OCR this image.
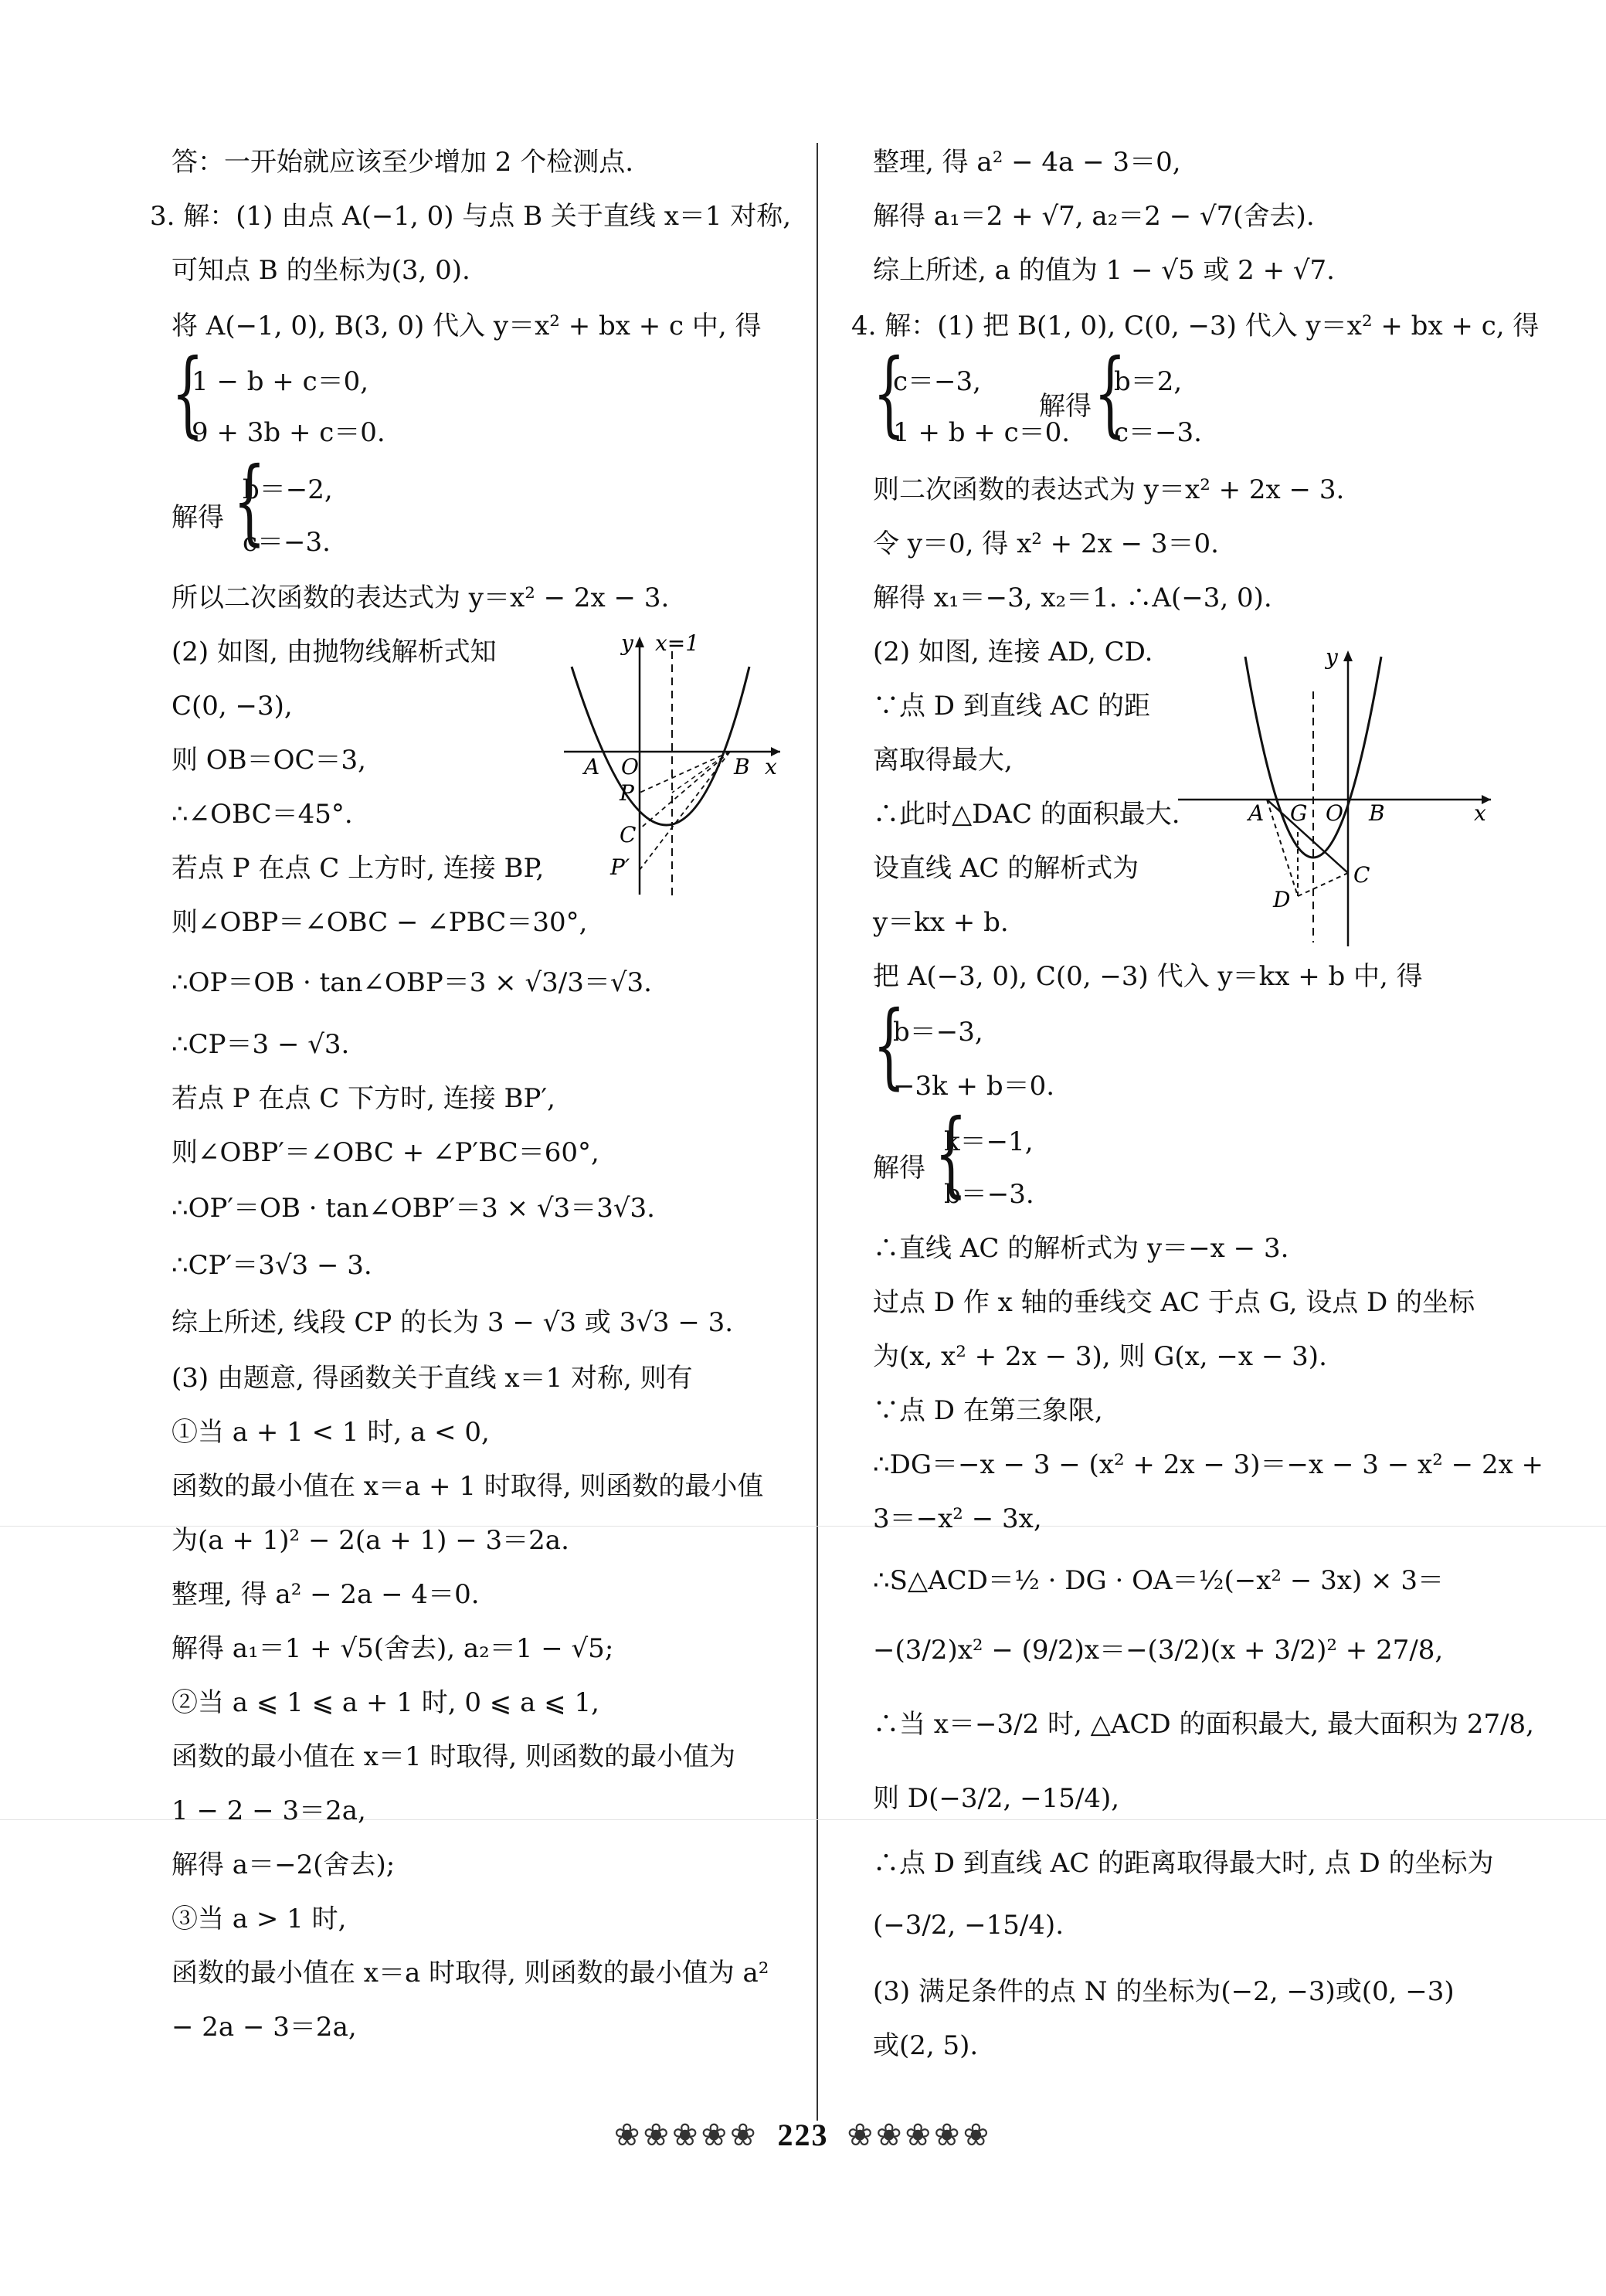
答：一开始就应该至少增加 2 个检测点.
3. 解：(1) 由点 A(−1, 0) 与点 B 关于直线 x＝1 对称,
可知点 B 的坐标为(3, 0).
将 A(−1, 0), B(3, 0) 代入 y＝x² + bx + c 中, 得
{
1 − b + c＝0,
9 + 3b + c＝0.
b＝−2,
解得 {
c＝−3.
所以二次函数的表达式为 y＝x² − 2x − 3.
(2) 如图, 由抛物线解析式知
C(0, −3),
则 OB＝OC＝3,
∴∠OBC＝45°.
若点 P 在点 C 上方时, 连接 BP,
则∠OBP＝∠OBC − ∠PBC＝30°,
∴OP＝OB · tan∠OBP＝3 × √3/3＝√3.
∴CP＝3 − √3.
若点 P 在点 C 下方时, 连接 BP′,
则∠OBP′＝∠OBC + ∠P′BC＝60°,
∴OP′＝OB · tan∠OBP′＝3 × √3＝3√3.
∴CP′＝3√3 − 3.
综上所述, 线段 CP 的长为 3 − √3 或 3√3 − 3.
(3) 由题意, 得函数关于直线 x＝1 对称, 则有
①当 a + 1 < 1 时, a < 0,
函数的最小值在 x＝a + 1 时取得, 则函数的最小值
为(a + 1)² − 2(a + 1) − 3＝2a.
整理, 得 a² − 2a − 4＝0.
解得 a₁＝1 + √5(舍去), a₂＝1 − √5;
②当 a ⩽ 1 ⩽ a + 1 时, 0 ⩽ a ⩽ 1,
函数的最小值在 x＝1 时取得, 则函数的最小值为
1 − 2 − 3＝2a,
解得 a＝−2(舍去);
③当 a > 1 时,
函数的最小值在 x＝a 时取得, 则函数的最小值为 a²
− 2a − 3＝2a,
y x=1
A O	B x
P
C
P′
整理, 得 a² − 4a − 3＝0,
解得 a₁＝2 + √7, a₂＝2 − √7(舍去).
综上所述, a 的值为 1 − √5 或 2 + √7.
4. 解：(1) 把 B(1, 0), C(0, −3) 代入 y＝x² + bx + c, 得
{
c＝−3,
1 + b + c＝0.
解得 {
b＝2,
c＝−3.
则二次函数的表达式为 y＝x² + 2x − 3.
令 y＝0, 得 x² + 2x − 3＝0.
解得 x₁＝−3, x₂＝1. ∴A(−3, 0).
(2) 如图, 连接 AD, CD.
∵点 D 到直线 AC 的距
离取得最大,
∴此时△DAC 的面积最大.
设直线 AC 的解析式为
y＝kx + b.
把 A(−3, 0), C(0, −3) 代入 y＝kx + b 中, 得
{
b＝−3,
−3k + b＝0.
k＝−1,
解得 {
b＝−3.
∴直线 AC 的解析式为 y＝−x − 3.
过点 D 作 x 轴的垂线交 AC 于点 G, 设点 D 的坐标
为(x, x² + 2x − 3), 则 G(x, −x − 3).
∵点 D 在第三象限,
∴DG＝−x − 3 − (x² + 2x − 3)＝−x − 3 − x² − 2x +
3＝−x² − 3x,
∴S△ACD＝½ · DG · OA＝½(−x² − 3x) × 3＝
−(3/2)x² − (9/2)x＝−(3/2)(x + 3/2)² + 27/8,
∴当 x＝−3/2 时, △ACD 的面积最大, 最大面积为 27/8,
则 D(−3/2, −15/4),
∴点 D 到直线 AC 的距离取得最大时, 点 D 的坐标为
(−3/2, −15/4).
(3) 满足条件的点 N 的坐标为(−2, −3)或(0, −3)
或(2, 5).
y
A G O B	x
C
D
❀❀❀❀❀ 223 ❀❀❀❀❀
